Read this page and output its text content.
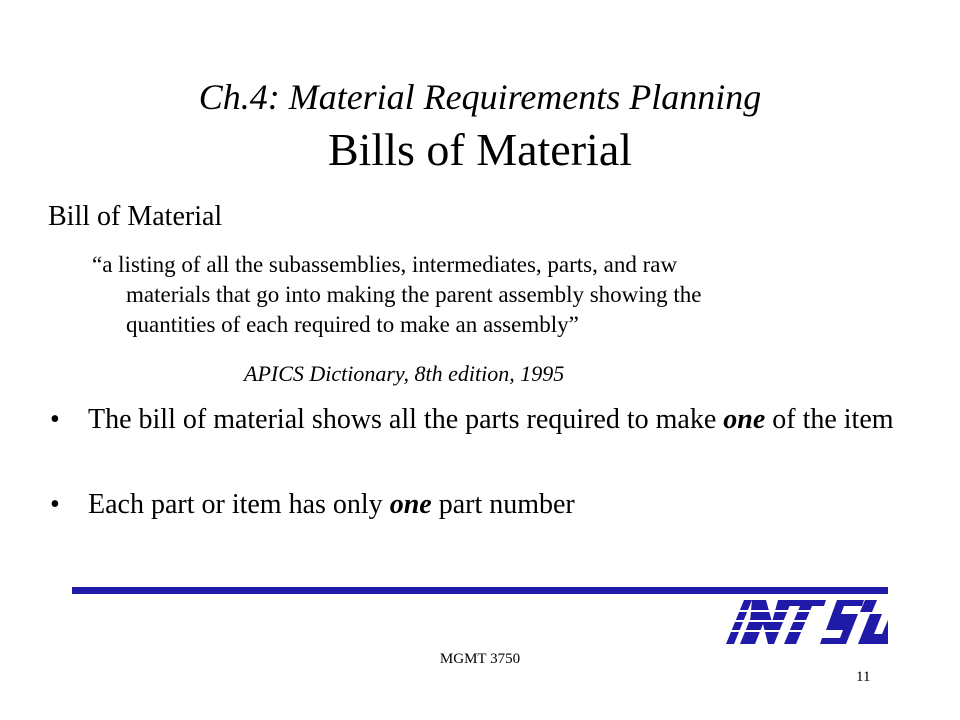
Ch.4: Material Requirements Planning
Bills of Material
Bill of Material
“a listing of all the subassemblies, intermediates, parts, and raw
materials that go into making the parent assembly showing the
quantities of each required to make an assembly”
APICS Dictionary, 8th edition, 1995
• The bill of material shows all the parts required to make one of the item
• Each part or item has only one part number
MGMT 3750
11
